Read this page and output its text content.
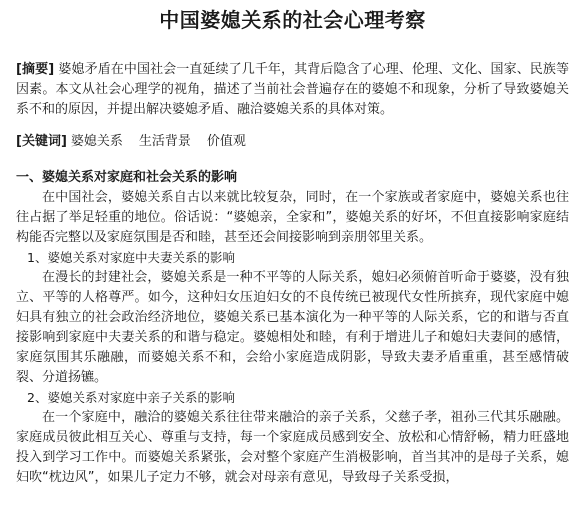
中国婆媳关系的社会心理考察

[摘要] 婆媳矛盾在中国社会一直延续了几千年，其背后隐含了心理、伦理、文化、国家、民族等因素。本文从社会心理学的视角，描述了当前社会普遍存在的婆媳不和现象，分析了导致婆媳关系不和的原因，并提出解决婆媳矛盾、融洽婆媳关系的具体对策。

[关键词] 婆媳关系 生活背景 价值观

一、婆媳关系对家庭和社会关系的影响

在中国社会，婆媳关系自古以来就比较复杂，同时，在一个家族或者家庭中，婆媳关系也往往占据了举足轻重的地位。俗话说：“婆媳亲，全家和”，婆媳关系的好坏，不但直接影响家庭结构能否完整以及家庭氛围是否和睦，甚至还会间接影响到亲朋邻里关系。

1、婆媳关系对家庭中夫妻关系的影响

在漫长的封建社会，婆媳关系是一种不平等的人际关系，媳妇必须俯首听命于婆婆，没有独立、平等的人格尊严。如今，这种妇女压迫妇女的不良传统已被现代女性所摈弃，现代家庭中媳妇具有独立的社会政治经济地位，婆媳关系已基本演化为一种平等的人际关系，它的和谐与否直接影响到家庭中夫妻关系的和谐与稳定。婆媳相处和睦，有利于增进儿子和媳妇夫妻间的感情，家庭氛围其乐融融，而婆媳关系不和，会给小家庭造成阴影，导致夫妻矛盾重重，甚至感情破裂、分道扬镳。

2、婆媳关系对家庭中亲子关系的影响

在一个家庭中，融洽的婆媳关系往往带来融洽的亲子关系，父慈子孝，祖孙三代其乐融融。家庭成员彼此相互关心、尊重与支持，每一个家庭成员感到安全、放松和心情舒畅，精力旺盛地投入到学习工作中。而婆媳关系紧张，会对整个家庭产生消极影响，首当其冲的是母子关系，媳妇吹“枕边风”，如果儿子定力不够，就会对母亲有意见，导致母子关系受损，
